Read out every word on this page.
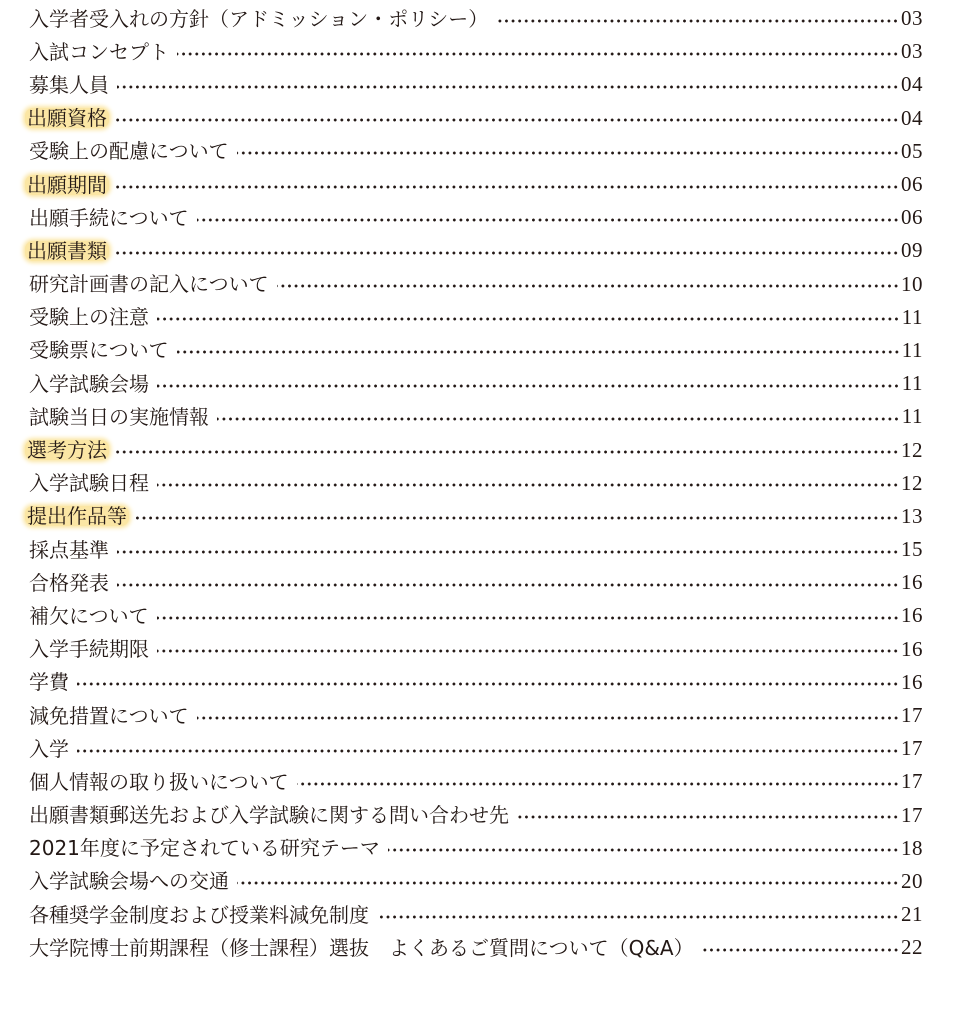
入学者受入れの方針（アドミッション・ポリシー）	03
入試コンセプト	03
募集人員	04
出願資格	04
受験上の配慮について	05
出願期間	06
出願手続について	06
出願書類	09
研究計画書の記入について	10
受験上の注意	11
受験票について	11
入学試験会場	11
試験当日の実施情報	11
選考方法	12
入学試験日程	12
提出作品等	13
採点基準	15
合格発表	16
補欠について	16
入学手続期限	16
学費	16
減免措置について	17
入学	17
個人情報の取り扱いについて	17
出願書類郵送先および入学試験に関する問い合わせ先	17
2021年度に予定されている研究テーマ	18
入学試験会場への交通	20
各種奨学金制度および授業料減免制度	21
大学院博士前期課程（修士課程）選抜　よくあるご質問について（Q&A）	22
